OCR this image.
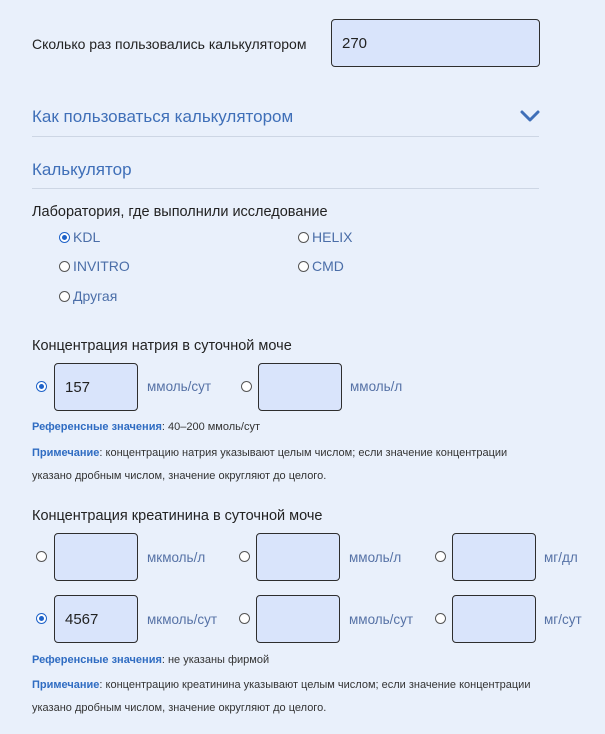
Сколько раз пользовались калькулятором	270
Как пользоваться калькулятором
Калькулятор
Лаборатория, где выполнили исследование
KDL	HELIX
INVITRO	CMD
Другая
Концентрация натрия в суточной моче
157	ммоль/сут	ммоль/л
Референсные значения: 40–200 ммоль/сут
Примечание: концентрацию натрия указывают целым числом; если значение концентрации
указано дробным числом, значение округляют до целого.
Концентрация креатинина в суточной моче
мкмоль/л	ммоль/л	мг/дл
4567	мкмоль/сут	ммоль/сут	мг/сут
Референсные значения: не указаны фирмой
Примечание: концентрацию креатинина указывают целым числом; если значение концентрации
указано дробным числом, значение округляют до целого.
